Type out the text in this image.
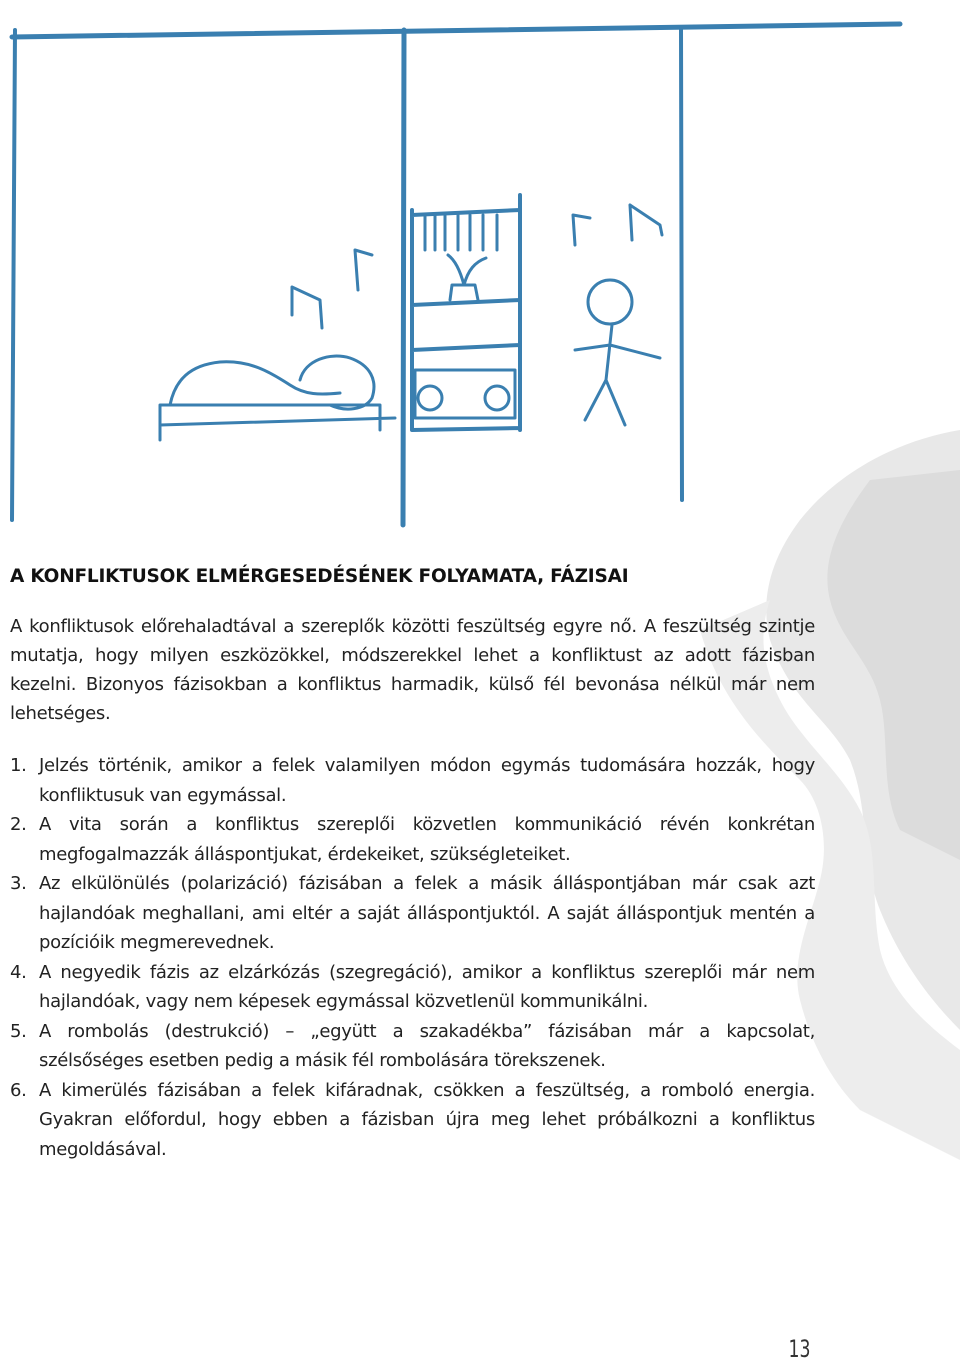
A KONFLIKTUSOK ELMÉRGESEDÉSÉNEK FOLYAMATA, FÁZISAI

A konfliktusok előrehaladtával a szereplők közötti feszültség egyre nő. A feszültség szintje mutatja, hogy milyen eszközökkel, módszerekkel lehet a konfliktust az adott fázisban kezelni. Bizonyos fázisokban a konfliktus harmadik, külső fél bevonása nélkül már nem lehetséges.

1. Jelzés történik, amikor a felek valamilyen módon egymás tudomására hozzák, hogy konfliktusuk van egymással.
2. A vita során a konfliktus szereplői közvetlen kommunikáció révén konkrétan megfogalmazzák álláspontjukat, érdekeiket, szükségleteiket.
3. Az elkülönülés (polarizáció) fázisában a felek a másik álláspontjában már csak azt hajlandóak meghallani, ami eltér a saját álláspontjuktól. A saját álláspontjuk mentén a pozícióik megmerevednek.
4. A negyedik fázis az elzárkózás (szegregáció), amikor a konfliktus szereplői már nem hajlandóak, vagy nem képesek egymással közvetlenül kommunikálni.
5. A rombolás (destrukció) – „együtt a szakadékba” fázisában már a kapcsolat, szélsőséges esetben pedig a másik fél rombolására törekszenek.
6. A kimerülés fázisában a felek kifáradnak, csökken a feszültség, a romboló energia. Gyakran előfordul, hogy ebben a fázisban újra meg lehet próbálkozni a konfliktus megoldásával.
13
